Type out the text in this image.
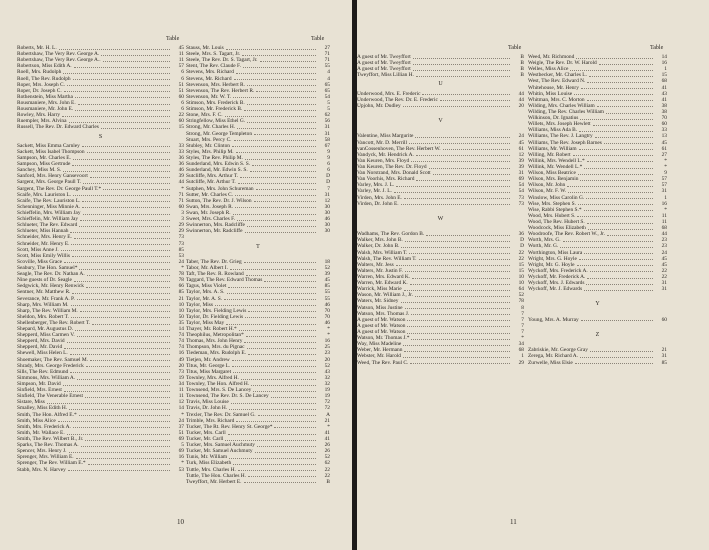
Table
Roberts, Mr. H. L.	45
Robertshaw, The Very Rev. George A.	11
Robertshaw, The Very Rev. George A..	11
Robertson, Miss Edith A.	57
Roell, Mrs. Rudolph	6
Roell, The Rev. Rudolph	6
Roper, Mrs. Joseph C.	51
Roper, Dr. Joseph C.	51
Rothenstein, Miss Martha	60
Rousmaniere, Mrs. John E.	6
Rousmaniere, Mr. John E.	6
Rowley, Mrs. Harry	22
Ruempler, Mrs. Alvina	60
Russell, The Rev. Dr. Edward Charles	15
S
Sackett, Miss Emma Carnley	33
Sackett, Miss Isabel Thompson	33
Sampson, Mr. Charles E.	36
Sampson, Miss Gertrude	36
Sanchey, Miss M. S.	46
Sanford, Mrs. Henry Gansevoort	39
Sargent, Mrs. George Paull T.	44
Sargent, The Rev. Dr. George Paull T.*	*
Scaife, Mrs. Lauriston L.	71
Scaife, The Rev. Lauriston L.	71
Schenninger, Miss Minnie A.	60
Schieffelin, Mrs. William Jay	3
Schieffelin, Mr. William Jay	3
Schlueter, The Rev. Edward	29
Schlueter, Miss Hannah	29
Schneider, Mrs. Henry E.	73
Schneider, Mr. Henry E.	73
Scott, Miss Anne J.	85
Scott, Miss Emily Willis	53
Scoville, Miss Grace	24
Seabury, The Hon. Samuel*	*
Seagle, The Rev. Dr. Nathan A.	78
Nine guests of Dr. Seagle	78
Sedgwick, Mr. Henry Renwick	66
Sentner, Mr. Matthew R.	85
Severance, Mr. Frank A. P.	21
Sharp, Mrs. William M.	10
Sharp, The Rev. William M.	10
Sheldon, Mrs. Robert T.	50
Shellenberger, The Rev. Robert T.	35
Shepard, Mr. Augustus D.	14
Shepperd, Miss Carmen V.	74
Shepperd, Mrs. David	74
Shepperd, Mr. David	74
Shewell, Miss Helen L.	16
Shoemaker, The Rev. Samuel M.	49
Shrady, Mrs. George Frederick	20
Sills, The Rev. Edmund	73
Simmons, Mrs. William A.	19
Simpson, Mr. David	34
Sinfield, Mrs. Ernest	11
Sinfield, The Venerable Ernest	11
Sistare, Miss	12
Smalley, Miss Edith H.	14
Smith, The Hon. Alfred E.*	*
Smith, Miss Alice	24
Smith, Mrs. Frederick A.	37
Smith, Mr. Wallace E.	51
Smith, The Rev. Wilbert B., Jr.	69
Sparks, The Rev. Thomas A.	5
Spencer, Mrs. Henry J.	69
Sprenger, Mrs. William E.	16
Sprenger, The Rev. William E.*	*
Stabb, Mrs. N. Harvey	53
Table
Stauss, Mr. Louis	27
Steele, Mrs. S. Tagart, Jr.	71
Steele, The Rev. Dr. S. Tagart, Jr.	71
Stent, The Rev. Claude F.	55
Stevens, Mrs. Richard	4
Stevens, Mr. Richard	4
Stevenson, Mrs. Herbert R.	65
Stevenson, The Rev. Herbert R.	65
Stevenson, Mr. W. T.	54
Stimson, Mrs. Frederick B.	5
Stimson, Mr. Frederick B.	5
Stone, Mrs. F. C.	62
Stringfellow, Miss Ethel G.	56
Strong, Mr. Charles H.	31
Strong, Mr. George Templeton	31
Stuart, Mrs. Percy C.	58
Stubley, Mr. Clinton	67
Styles, Mrs. Philip M.	9
Styles, The Rev. Philip M.	9
Sunderland, Mrs. Edwin S. S.	6
Sunderland, Mr. Edwin S. S.	6
Sutcliffe, Mrs. Arthur T.	D
Sutcliffe, Mr. Arthur T.	D
Sutphen, Mrs. John Schureman	7
Sutter, Mr. Charles C.	31
Sutton, The Rev. Dr. J. Wilson	12
Swan, Mrs. Joseph R.	30
Swan, Mr. Joseph R.	30
Sweet, Mrs. Charles F.	46
Swinnerton, Mrs. Radcliffe	30
Swinnerton, Mr. Radcliffe	30
T
Taber, The Rev. Dr. Grieg	18
Tabor, Mr. Albert I.	52
Taft, The Rev. R. Rowland	39
Taggard, The Rev. Edward Thomas	45
Tagus, Miss Violet	85
Taylor, Mrs. A. S.	55
Taylor, Mr. A. S.	55
Taylor, Miss	46
Taylor, Mrs. Fielding Lewis	70
Taylor, Dr. Fielding Lewis	70
Taylor, Miss May	46
Thayer, Mr. Robert H.*	*
Theophilus, Metropolitan*	*
Thomas, Mrs. John Henry	16
Thompson, Mrs. du Pignac	25
Tiedeman, Mrs. Rudolph E.	23
Tietjen, Mr. Andrew	20
Titus, Mr. George L.	52
Titus, Miss Margaret	43
Townley, Mrs. Alfred H.	32
Townley, The Hon. Alfred H.	32
Townsend, Mrs. S. De Lancey	19
Townsend, The Rev. Dr. S. De Lancey	19
Travis, Miss Louise	72
Travis, Dr. John H.	72
Trexler, The Rev. Dr. Samuel G.	A
Trimble, Mrs. Richard	21
Tucker, The Rt. Rev. Henry St. George*	*
Tucker, Mrs. Carll	41
Tucker, Mr. Carll	41
Tucker, Mrs. Samuel Auchmuty	26
Tucker, Mr. Samuel Auchmuty	26
Tunis, Mr. William	52
Turk, Miss Elizabeth	62
Tuttle, Mrs. Charles H.	22
Tuttle, The Hon. Charles H.	22
Tweyffort, Mr. Herbert E.	B
10
Table
A guest of Mr. Tweyffort	B
A guest of Mr. Tweyffort	B
A guest of Mr. Tweyffort	B
Tweyffort, Miss Lillian H.	B
U
Underwood, Mrs. E. Frederic	44
Underwood, The Rev. Dr. E. Frederic	44
Upjohn, Mr. Dudley	20
V
Valentine, Miss Margurite	24
Vancott, Mr. D. Merrill	45
vanCossenhoven, The Rev. Herbert W.	61
Vandyck, Mr. Hendrick A.	12
Van Keuren, Mrs. Floyd	39
Van Keuren, The Rev. Dr. Floyd	39
Van Norstrand, Mrs. Donald Scott	31
Van Voorhis, Mrs. Richard	69
Varley, Mrs. J. L.	54
Varley, Mr. J. L.	54
Virden, Mrs. John E.	73
Virden, Dr. John E.	73
W
Wadhams, The Rev. Gordon B.	36
Walker, Mrs. John B.	D
Walker, Dr. John B.	D
Walsh, Mrs. William T.	22
Walsh, The Rev. William T.	22
Walters, Mr. Jess	15
Walters, Mr. Justin F.	15
Warren, Mrs. Edward K.	10
Warren, Mr. Edward K.	10
Warrick, Miss Marie	64
Wason, Mr. William J., Jr.	52
Waters, Mr. Sidney	78
Watson, Miss Justine	8
Watson, Mrs. Thomas J.	7
A guest of Mr. Watson	7
A guest of Mr. Watson	7
A guest of Mr. Watson	7
Watson, Mr. Thomas J.*	*
Way, Miss Madeline	34
Weber, Mr. Hermann	68
Webster, Mr. Harold	1
Weed, The Rev. Paul C.	29
Table
Weed, Mr. Richmond	14
Weigle, The Rev. Dr. W. Harold	16
Welles, Miss Alice	1
Westbecker, Mr. Charles L.	15
West, The Rev. Edward N.	68
Whitehouse, Mr. Henry	41
Whitin, Miss Louise	43
Whitman, Mrs. C. Morton	41
Wilding, Mrs. Charles William	38
Wilding, The Rev. Charles William	38
Wilkinson, Dr. Ignatius	70
Willets, Mrs. Joseph Hewlett	60
Williams, Miss Ada B.	33
Williams, The Rev. J. Langtry	13
Williams, The Rev. Joseph Barnes	45
Williams, Mr. William	61
Willing, Mr. Robert	27
Willink, Mrs. Wendell L.*	*
Willink, Mr. Wendell L.*	*
Wilson, Miss Beatrice	9
Wilson, Mrs. Benjamin	57
Wilson, Mr. John	57
Wilson, Mr. F. W.	31
Winslow, Miss Carolin G.	1
Wise, Mrs. Stephen S.	16
Wise, Rabbi Stephen S.*	*
Wood, Mrs. Hubert S.	11
Wood, The Rev. Hubert S.	11
Woodcock, Miss Elizabeth	68
Woodroofe, The Rev. Robert W., Jr.	44
Worth, Mrs. G.	23
Worth, Mr. G.	23
Worthington, Miss Laura	24
Wright, Mrs. G. Hoyle	45
Wright, Mr. G. Hoyle	45
Wyckoff, Mrs. Frederick A.	22
Wyckoff, Mr. Frederick A.	22
Wyckoff, Mrs. J. Edwards	31
Wyckoff, Mr. J. Edwards	31
Y
Young, Mrs. A. Murray	60
Z
Zabriskie, Mr. George Gray	21
Zerega, Mr. Richard A.	31
Zurwelle, Miss Elsie	85
11
